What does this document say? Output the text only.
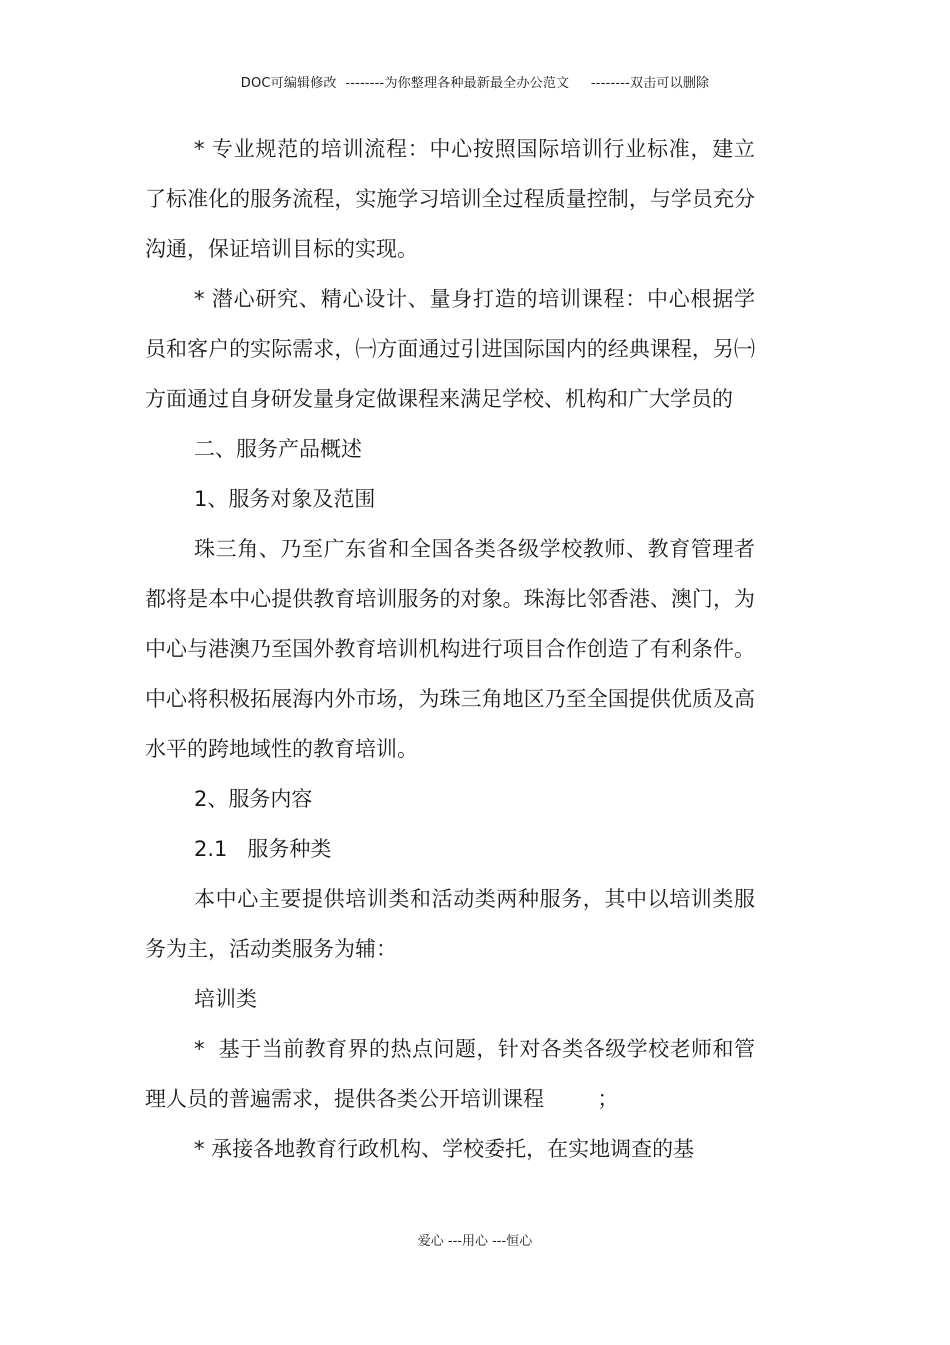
DOC可编辑修改  --------为你整理各种最新最全办公范文     --------双击可以删除

* 专业规范的培训流程：中心按照国际培训行业标准，建立了标准化的服务流程，实施学习培训全过程质量控制，与学员充分沟通，保证培训目标的实现。

* 潜心研究、精心设计、量身打造的培训课程：中心根据学员和客户的实际需求，㈠方面通过引进国际国内的经典课程，另㈠方面通过自身研发量身定做课程来满足学校、机构和广大学员的

二、服务产品概述

1、服务对象及范围

珠三角、乃至广东省和全国各类各级学校教师、教育管理者都将是本中心提供教育培训服务的对象。珠海比邻香港、澳门，为中心与港澳乃至国外教育培训机构进行项目合作创造了有利条件。中心将积极拓展海内外市场，为珠三角地区乃至全国提供优质及高水平的跨地域性的教育培训。

2、服务内容

2.1   服务种类

本中心主要提供培训类和活动类两种服务，其中以培训类服务为主，活动类服务为辅：

培训类

*  基于当前教育界的热点问题，针对各类各级学校老师和管理人员的普遍需求，提供各类公开培训课程        ；

* 承接各地教育行政机构、学校委托，在实地调查的基

爱心 ---用心 ---恒心
